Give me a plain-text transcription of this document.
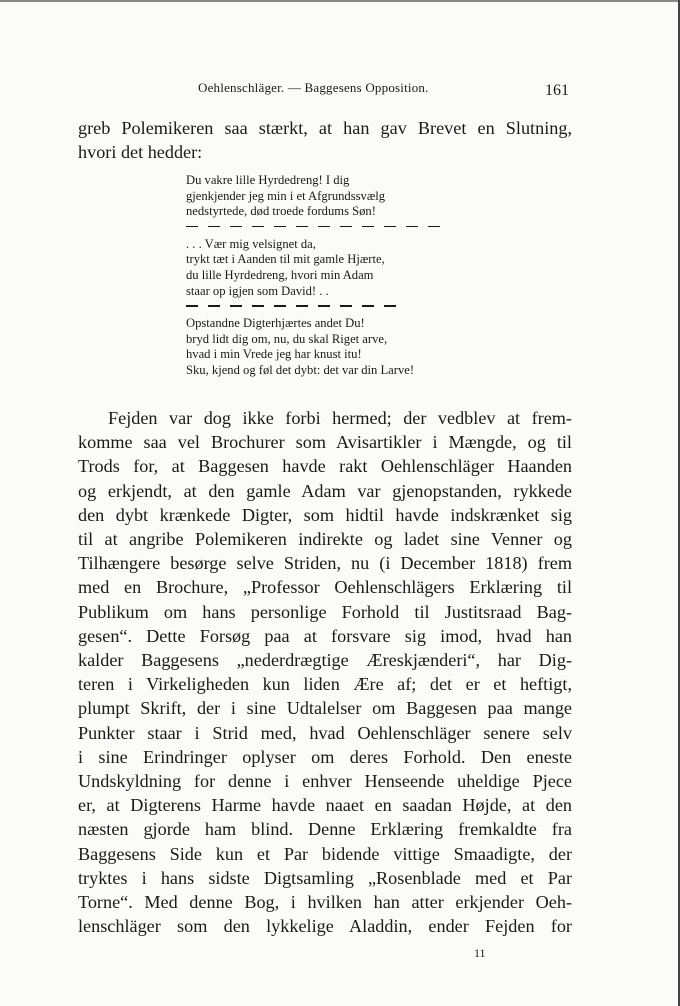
Oehlenschläger. — Baggesens Opposition.	161
greb Polemikeren saa stærkt, at han gav Brevet en Slutning,
hvori det hedder:
Du vakre lille Hyrdedreng! I dig
gjenkjender jeg min i et Afgrundssvælg
nedstyrtede, død troede fordums Søn!
. . . Vær mig velsignet da,
trykt tæt i Aanden til mit gamle Hjærte,
du lille Hyrdedreng, hvori min Adam
staar op igjen som David! . .
Opstandne Digterhjærtes andet Du!
bryd lidt dig om, nu, du skal Riget arve,
hvad i min Vrede jeg har knust itu!
Sku, kjend og føl det dybt: det var din Larve!
Fejden var dog ikke forbi hermed; der vedblev at frem-
komme saa vel Brochurer som Avisartikler i Mængde, og til
Trods for, at Baggesen havde rakt Oehlenschläger Haanden
og erkjendt, at den gamle Adam var gjenopstanden, rykkede
den dybt krænkede Digter, som hidtil havde indskrænket sig
til at angribe Polemikeren indirekte og ladet sine Venner og
Tilhængere besørge selve Striden, nu (i December 1818) frem
med en Brochure, „Professor Oehlenschlägers Erklæring til
Publikum om hans personlige Forhold til Justitsraad Bag-
gesen“. Dette Forsøg paa at forsvare sig imod, hvad han
kalder Baggesens „nederdrægtige Æreskjænderi“, har Dig-
teren i Virkeligheden kun liden Ære af; det er et heftigt,
plumpt Skrift, der i sine Udtalelser om Baggesen paa mange
Punkter staar i Strid med, hvad Oehlenschläger senere selv
i sine Erindringer oplyser om deres Forhold. Den eneste
Undskyldning for denne i enhver Henseende uheldige Pjece
er, at Digterens Harme havde naaet en saadan Højde, at den
næsten gjorde ham blind. Denne Erklæring fremkaldte fra
Baggesens Side kun et Par bidende vittige Smaadigte, der
tryktes i hans sidste Digtsamling „Rosenblade med et Par
Torne“. Med denne Bog, i hvilken han atter erkjender Oeh-
lenschläger som den lykkelige Aladdin, ender Fejden for
11
